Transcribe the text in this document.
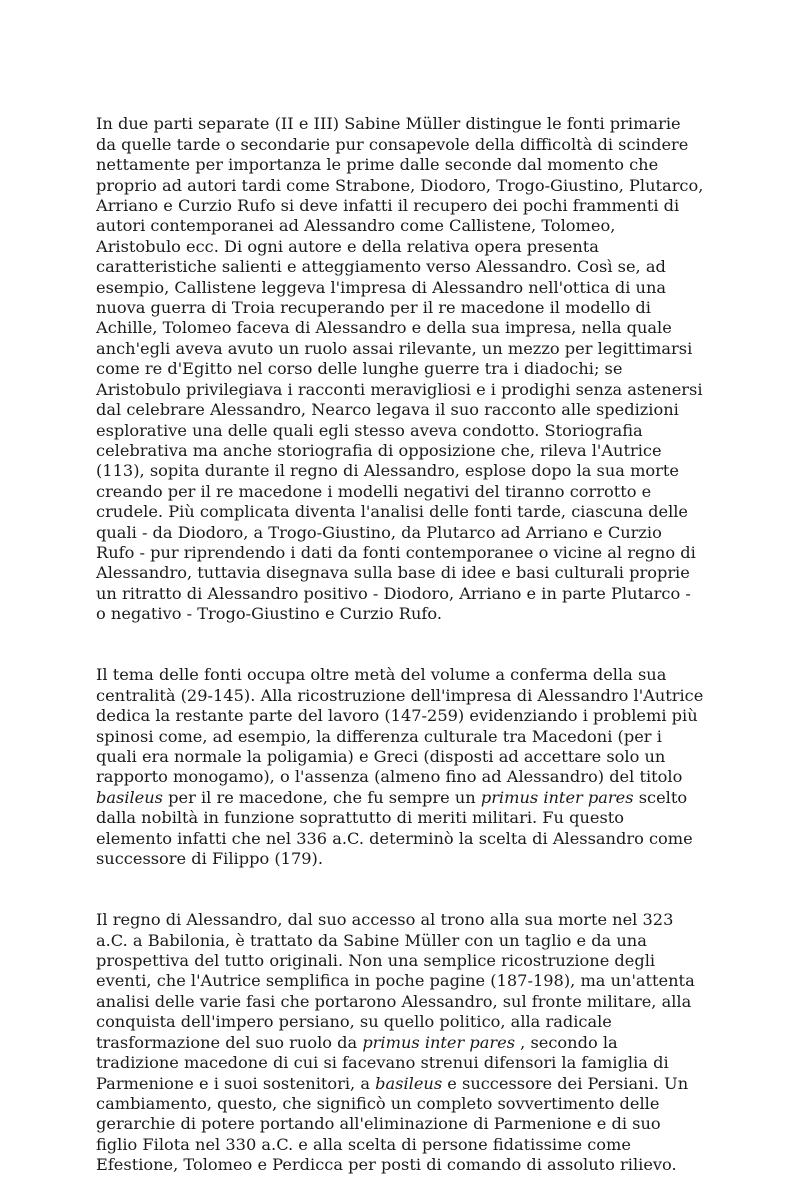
In due parti separate (II e III) Sabine Müller distingue le fonti primarie
da quelle tarde o secondarie pur consapevole della difficoltà di scindere
nettamente per importanza le prime dalle seconde dal momento che
proprio ad autori tardi come Strabone, Diodoro, Trogo-Giustino, Plutarco,
Arriano e Curzio Rufo si deve infatti il recupero dei pochi frammenti di
autori contemporanei ad Alessandro come Callistene, Tolomeo,
Aristobulo ecc. Di ogni autore e della relativa opera presenta
caratteristiche salienti e atteggiamento verso Alessandro. Così se, ad
esempio, Callistene leggeva l'impresa di Alessandro nell'ottica di una
nuova guerra di Troia recuperando per il re macedone il modello di
Achille, Tolomeo faceva di Alessandro e della sua impresa, nella quale
anch'egli aveva avuto un ruolo assai rilevante, un mezzo per legittimarsi
come re d'Egitto nel corso delle lunghe guerre tra i diadochi; se
Aristobulo privilegiava i racconti meravigliosi e i prodighi senza astenersi
dal celebrare Alessandro, Nearco legava il suo racconto alle spedizioni
esplorative una delle quali egli stesso aveva condotto. Storiografia
celebrativa ma anche storiografia di opposizione che, rileva l'Autrice
(113), sopita durante il regno di Alessandro, esplose dopo la sua morte
creando per il re macedone i modelli negativi del tiranno corrotto e
crudele. Più complicata diventa l'analisi delle fonti tarde, ciascuna delle
quali - da Diodoro, a Trogo-Giustino, da Plutarco ad Arriano e Curzio
Rufo - pur riprendendo i dati da fonti contemporanee o vicine al regno di
Alessandro, tuttavia disegnava sulla base di idee e basi culturali proprie
un ritratto di Alessandro positivo - Diodoro, Arriano e in parte Plutarco -
o negativo - Trogo-Giustino e Curzio Rufo.

Il tema delle fonti occupa oltre metà del volume a conferma della sua
centralità (29-145). Alla ricostruzione dell'impresa di Alessandro l'Autrice
dedica la restante parte del lavoro (147-259) evidenziando i problemi più
spinosi come, ad esempio, la differenza culturale tra Macedoni (per i
quali era normale la poligamia) e Greci (disposti ad accettare solo un
rapporto monogamo), o l'assenza (almeno fino ad Alessandro) del titolo
basileus per il re macedone, che fu sempre un primus inter pares scelto
dalla nobiltà in funzione soprattutto di meriti militari. Fu questo
elemento infatti che nel 336 a.C. determinò la scelta di Alessandro come
successore di Filippo (179).

Il regno di Alessandro, dal suo accesso al trono alla sua morte nel 323
a.C. a Babilonia, è trattato da Sabine Müller con un taglio e da una
prospettiva del tutto originali. Non una semplice ricostruzione degli
eventi, che l'Autrice semplifica in poche pagine (187-198), ma un'attenta
analisi delle varie fasi che portarono Alessandro, sul fronte militare, alla
conquista dell'impero persiano, su quello politico, alla radicale
trasformazione del suo ruolo da primus inter pares , secondo la
tradizione macedone di cui si facevano strenui difensori la famiglia di
Parmenione e i suoi sostenitori, a basileus e successore dei Persiani. Un
cambiamento, questo, che significò un completo sovvertimento delle
gerarchie di potere portando all'eliminazione di Parmenione e di suo
figlio Filota nel 330 a.C. e alla scelta di persone fidatissime come
Efestione, Tolomeo e Perdicca per posti di comando di assoluto rilievo.
